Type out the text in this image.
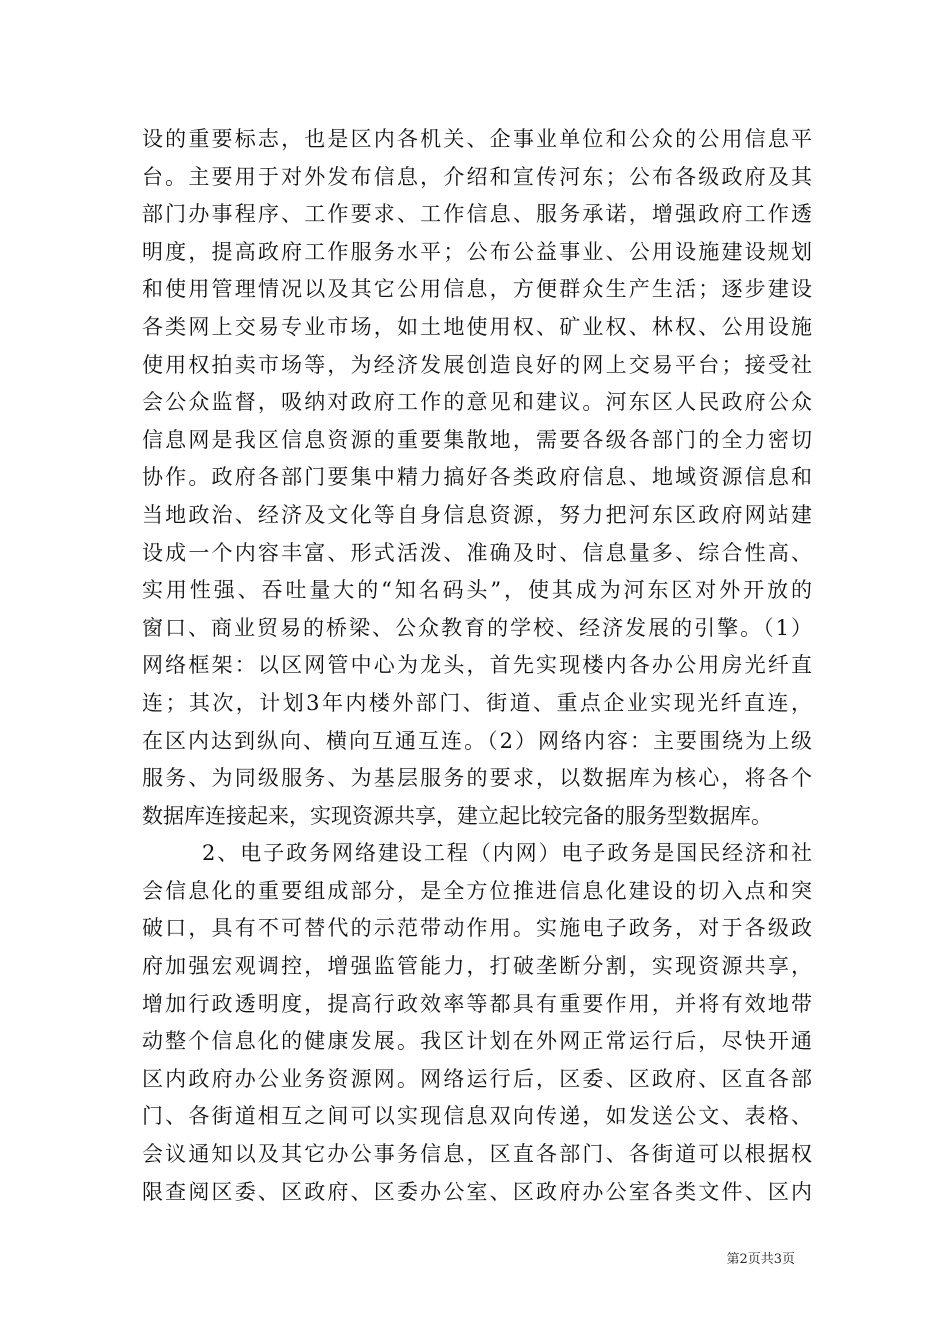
设的重要标志，也是区内各机关、企事业单位和公众的公用信息平
台。主要用于对外发布信息，介绍和宣传河东；公布各级政府及其
部门办事程序、工作要求、工作信息、服务承诺，增强政府工作透
明度，提高政府工作服务水平；公布公益事业、公用设施建设规划
和使用管理情况以及其它公用信息，方便群众生产生活；逐步建设
各类网上交易专业市场，如土地使用权、矿业权、林权、公用设施
使用权拍卖市场等，为经济发展创造良好的网上交易平台；接受社
会公众监督，吸纳对政府工作的意见和建议。河东区人民政府公众
信息网是我区信息资源的重要集散地，需要各级各部门的全力密切
协作。政府各部门要集中精力搞好各类政府信息、地域资源信息和
当地政治、经济及文化等自身信息资源，努力把河东区政府网站建
设成一个内容丰富、形式活泼、准确及时、信息量多、综合性高、
实用性强、吞吐量大的“知名码头”，使其成为河东区对外开放的
窗口、商业贸易的桥梁、公众教育的学校、经济发展的引擎。（1）
网络框架：以区网管中心为龙头，首先实现楼内各办公用房光纤直
连；其次，计划3年内楼外部门、街道、重点企业实现光纤直连，
在区内达到纵向、横向互通互连。（2）网络内容：主要围绕为上级
服务、为同级服务、为基层服务的要求，以数据库为核心，将各个
数据库连接起来，实现资源共享，建立起比较完备的服务型数据库。
2、电子政务网络建设工程（内网）电子政务是国民经济和社
会信息化的重要组成部分，是全方位推进信息化建设的切入点和突
破口，具有不可替代的示范带动作用。实施电子政务，对于各级政
府加强宏观调控，增强监管能力，打破垄断分割，实现资源共享，
增加行政透明度，提高行政效率等都具有重要作用，并将有效地带
动整个信息化的健康发展。我区计划在外网正常运行后，尽快开通
区内政府办公业务资源网。网络运行后，区委、区政府、区直各部
门、各街道相互之间可以实现信息双向传递，如发送公文、表格、
会议通知以及其它办公事务信息，区直各部门、各街道可以根据权
限查阅区委、区政府、区委办公室、区政府办公室各类文件、区内
第2页共3页
